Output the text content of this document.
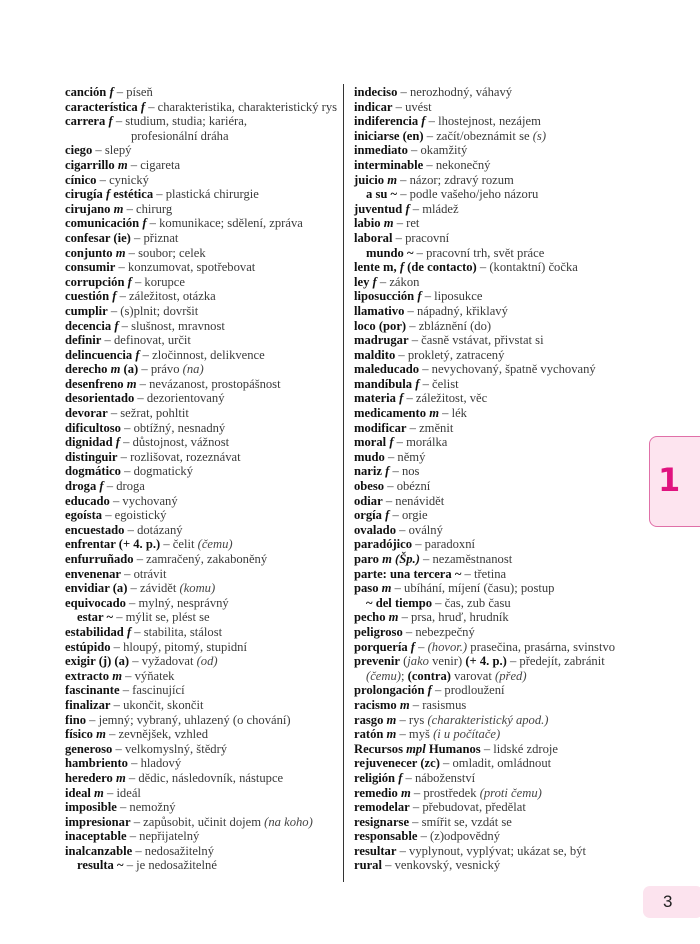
canción f – píseň
característica f – charakteristika, charakteristický rys
carrera f – studium, studia; kariéra,
profesionální dráha
ciego – slepý
cigarrillo m – cigareta
cínico – cynický
cirugía f estética – plastická chirurgie
cirujano m – chirurg
comunicación f – komunikace; sdělení, zpráva
confesar (ie) – přiznat
conjunto m – soubor; celek
consumir – konzumovat, spotřebovat
corrupción f – korupce
cuestión f – záležitost, otázka
cumplir – (s)plnit; dovršit
decencia f – slušnost, mravnost
definir – definovat, určit
delincuencia f – zločinnost, delikvence
derecho m (a) – právo (na)
desenfreno m – nevázanost, prostopášnost
desorientado – dezorientovaný
devorar – sežrat, pohltit
dificultoso – obtížný, nesnadný
dignidad f – důstojnost, vážnost
distinguir – rozlišovat, rozeznávat
dogmático – dogmatický
droga f – droga
educado – vychovaný
egoísta – egoistický
encuestado – dotázaný
enfrentar (+ 4. p.) – čelit (čemu)
enfurruñado – zamračený, zakaboněný
envenenar – otrávit
envidiar (a) – závidět (komu)
equivocado – mylný, nesprávný
estar ~ – mýlit se, plést se
estabilidad f – stabilita, stálost
estúpido – hloupý, pitomý, stupidní
exigir (j) (a) – vyžadovat (od)
extracto m – výňatek
fascinante – fascinující
finalizar – ukončit, skončit
fino – jemný; vybraný, uhlazený (o chování)
físico m – zevnějšek, vzhled
generoso – velkomyslný, štědrý
hambriento – hladový
heredero m – dědic, následovník, nástupce
ideal m – ideál
imposible – nemožný
impresionar – zapůsobit, učinit dojem (na koho)
inaceptable – nepřijatelný
inalcanzable – nedosažitelný
resulta ~ – je nedosažitelné
indeciso – nerozhodný, váhavý
indicar – uvést
indiferencia f – lhostejnost, nezájem
iniciarse (en) – začít/obeznámit se (s)
inmediato – okamžitý
interminable – nekonečný
juicio m – názor; zdravý rozum
a su ~ – podle vašeho/jeho názoru
juventud f – mládež
labio m – ret
laboral – pracovní
mundo ~ – pracovní trh, svět práce
lente m, f (de contacto) – (kontaktní) čočka
ley f – zákon
liposucción f – liposukce
llamativo – nápadný, křiklavý
loco (por) – zbláznění (do)
madrugar – časně vstávat, přivstat si
maldito – prokletý, zatracený
maleducado – nevychovaný, špatně vychovaný
mandíbula f – čelist
materia f – záležitost, věc
medicamento m – lék
modificar – změnit
moral f – morálka
mudo – němý
nariz f – nos
obeso – obézní
odiar – nenávidět
orgía f – orgie
ovalado – oválný
paradójico – paradoxní
paro m (Šp.) – nezaměstnanost
parte: una tercera ~ – třetina
paso m – ubíhání, míjení (času); postup
~ del tiempo – čas, zub času
pecho m – prsa, hruď, hrudník
peligroso – nebezpečný
porquería f – (hovor.) prasečina, prasárna, svinstvo
prevenir (jako venir) (+ 4. p.) – předejít, zabránit
(čemu); (contra) varovat (před)
prolongación f – prodloužení
racismo m – rasismus
rasgo m – rys (charakteristický apod.)
ratón m – myš (i u počítače)
Recursos mpl Humanos – lidské zdroje
rejuvenecer (zc) – omladit, omládnout
religión f – náboženství
remedio m – prostředek (proti čemu)
remodelar – přebudovat, předělat
resignarse – smířit se, vzdát se
responsable – (z)odpovědný
resultar – vyplynout, vyplývat; ukázat se, být
rural – venkovský, vesnický
1
3
